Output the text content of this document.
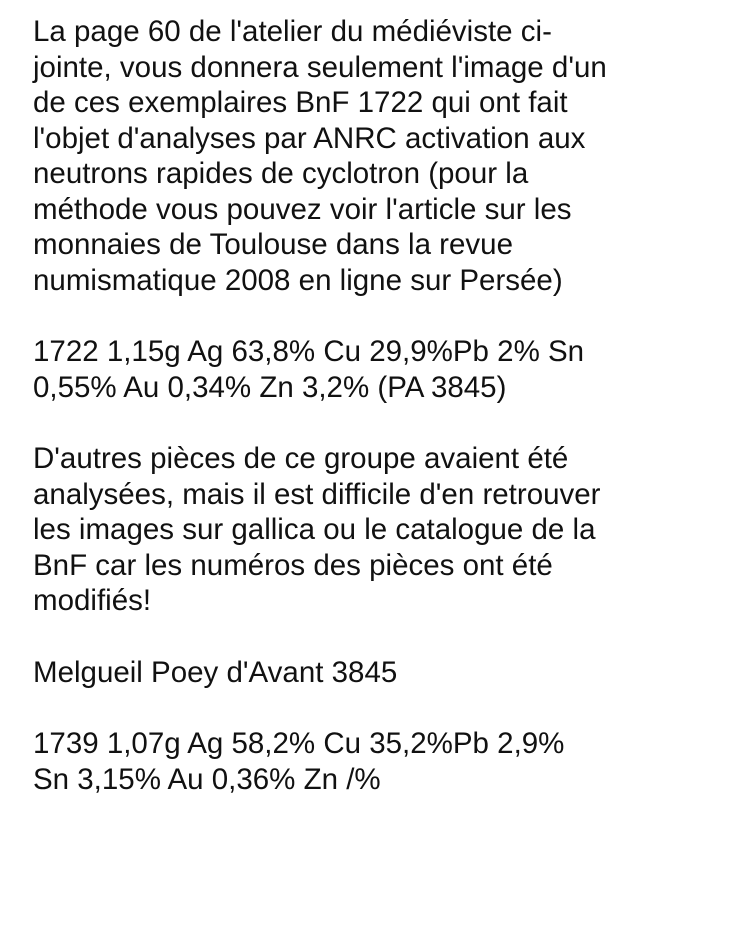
La page 60 de l'atelier du médiéviste ci-
jointe, vous donnera seulement l'image d'un
de ces exemplaires BnF 1722 qui ont fait
l'objet d'analyses par ANRC activation aux
neutrons rapides de cyclotron (pour la
méthode vous pouvez voir l'article sur les
monnaies de Toulouse dans la revue
numismatique 2008 en ligne sur Persée)

1722 1,15g Ag 63,8% Cu 29,9%Pb 2% Sn
0,55% Au 0,34% Zn 3,2% (PA 3845)

D'autres pièces de ce groupe avaient été
analysées, mais il est difficile d'en retrouver
les images sur gallica ou le catalogue de la
BnF car les numéros des pièces ont été
modifiés!

Melgueil Poey d'Avant 3845

1739 1,07g Ag 58,2% Cu 35,2%Pb 2,9%
Sn 3,15% Au 0,36% Zn /%
